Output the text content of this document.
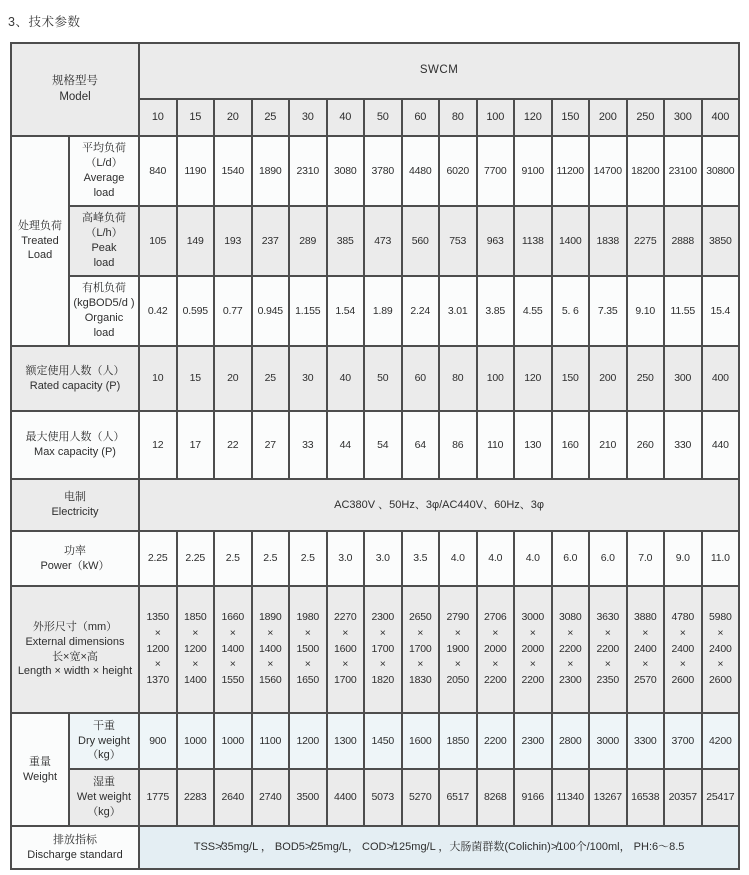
3、技术参数
规格型号
Model		SWCM															
		10	15	20	25	30	40	50	60	80	100	120	150	200	250	300	400
处理负荷
Treated
Load	平均负荷
（L/d）
Average
load	840	1190	1540	1890	2310	3080	3780	4480	6020	7700	9100	11200	14700	18200	23100	30800
	高峰负荷
（L/h）
Peak
load	105	149	193	237	289	385	473	560	753	963	1138	1400	1838	2275	2888	3850
	有机负荷
(kgBOD5/d )
Organic
load	0.42	0.595	0.77	0.945	1.155	1.54	1.89	2.24	3.01	3.85	4.55	5. 6	7.35	9.10	11.55	15.4
额定使用人数（人）
Rated capacity (P)		10	15	20	25	30	40	50	60	80	100	120	150	200	250	300	400
最大使用人数（人）
Max capacity (P)		12	17	22	27	33	44	54	64	86	110	130	160	210	260	330	440
电制
Electricity		AC380V 、50Hz、3φ/AC440V、60Hz、3φ															
功率
Power（kW）		2.25	2.25	2.5	2.5	2.5	3.0	3.0	3.5	4.0	4.0	4.0	6.0	6.0	7.0	9.0	11.0
外形尺寸（mm）
External dimensions
长×宽×高
Length × width × height		1350
×
1200
×
1370	1850
×
1200
×
1400	1660
×
1400
×
1550	1890
×
1400
×
1560	1980
×
1500
×
1650	2270
×
1600
×
1700	2300
×
1700
×
1820	2650
×
1700
×
1830	2790
×
1900
×
2050	2706
×
2000
×
2200	3000
×
2000
×
2200	3080
×
2200
×
2300	3630
×
2200
×
2350	3880
×
2400
×
2570	4780
×
2400
×
2600	5980
×
2400
×
2600
重量
Weight	干重
Dry weight
（kg）	900	1000	1000	1100	1200	1300	1450	1600	1850	2200	2300	2800	3000	3300	3700	4200
	湿重
Wet weight
（kg）	1775	2283	2640	2740	3500	4400	5073	5270	6517	8268	9166	11340	13267	16538	20357	25417
排放指标
Discharge standard		TSS≯35mg/L ， BOD5≯25mg/L， COD≯125mg/L ，大肠菌群数(Colichin)≯100个/100ml， PH:6～8.5															
